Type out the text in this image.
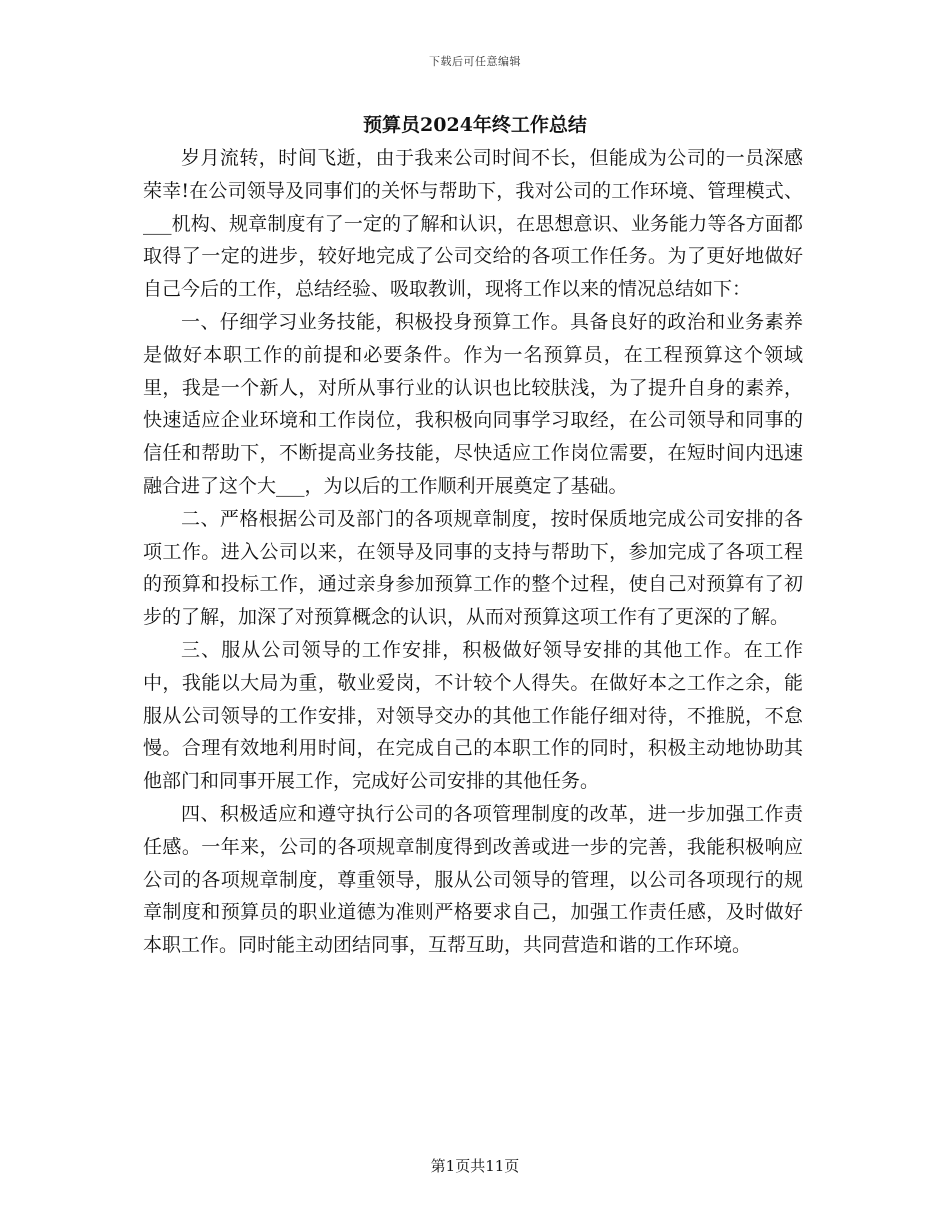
下载后可任意编辑
预算员2024年终工作总结

岁月流转，时间飞逝，由于我来公司时间不长，但能成为公司的一员深感荣幸!在公司领导及同事们的关怀与帮助下，我对公司的工作环境、管理模式、___机构、规章制度有了一定的了解和认识，在思想意识、业务能力等各方面都取得了一定的进步，较好地完成了公司交给的各项工作任务。为了更好地做好自己今后的工作，总结经验、吸取教训，现将工作以来的情况总结如下：

一、仔细学习业务技能，积极投身预算工作。具备良好的政治和业务素养是做好本职工作的前提和必要条件。作为一名预算员，在工程预算这个领域里，我是一个新人，对所从事行业的认识也比较肤浅，为了提升自身的素养，快速适应企业环境和工作岗位，我积极向同事学习取经，在公司领导和同事的信任和帮助下，不断提高业务技能，尽快适应工作岗位需要，在短时间内迅速融合进了这个大___，为以后的工作顺利开展奠定了基础。

二、严格根据公司及部门的各项规章制度，按时保质地完成公司安排的各项工作。进入公司以来，在领导及同事的支持与帮助下，参加完成了各项工程的预算和投标工作，通过亲身参加预算工作的整个过程，使自己对预算有了初步的了解，加深了对预算概念的认识，从而对预算这项工作有了更深的了解。

三、服从公司领导的工作安排，积极做好领导安排的其他工作。在工作中，我能以大局为重，敬业爱岗，不计较个人得失。在做好本之工作之余，能服从公司领导的工作安排，对领导交办的其他工作能仔细对待，不推脱，不怠慢。合理有效地利用时间，在完成自己的本职工作的同时，积极主动地协助其他部门和同事开展工作，完成好公司安排的其他任务。

四、积极适应和遵守执行公司的各项管理制度的改革，进一步加强工作责任感。一年来，公司的各项规章制度得到改善或进一步的完善，我能积极响应公司的各项规章制度，尊重领导，服从公司领导的管理，以公司各项现行的规章制度和预算员的职业道德为准则严格要求自己，加强工作责任感，及时做好本职工作。同时能主动团结同事，互帮互助，共同营造和谐的工作环境。

第1页共11页
